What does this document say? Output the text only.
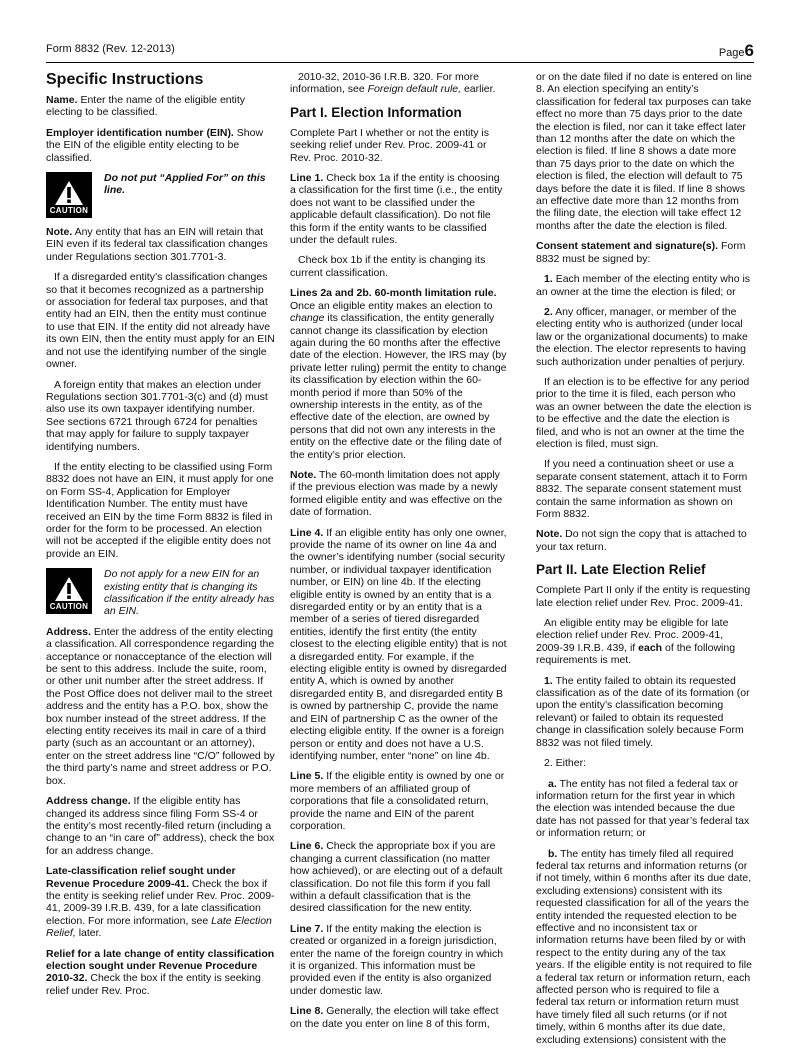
Form 8832 (Rev. 12-2013)	Page6
Specific Instructions

Name. Enter the name of the eligible entity electing to be classified.

Employer identification number (EIN). Show the EIN of the eligible entity electing to be classified.

CAUTION
Do not put “Applied For” on this line.

Note. Any entity that has an EIN will retain that EIN even if its federal tax classification changes under Regulations section 301.7701-3.

If a disregarded entity’s classification changes so that it becomes recognized as a partnership or association for federal tax purposes, and that entity had an EIN, then the entity must continue to use that EIN. If the entity did not already have its own EIN, then the entity must apply for an EIN and not use the identifying number of the single owner.

A foreign entity that makes an election under Regulations section 301.7701-3(c) and (d) must also use its own taxpayer identifying number. See sections 6721 through 6724 for penalties that may apply for failure to supply taxpayer identifying numbers.

If the entity electing to be classified using Form 8832 does not have an EIN, it must apply for one on Form SS-4, Application for Employer Identification Number. The entity must have received an EIN by the time Form 8832 is filed in order for the form to be processed. An election will not be accepted if the eligible entity does not provide an EIN.

CAUTION
Do not apply for a new EIN for an existing entity that is changing its classification if the entity already has an EIN.

Address. Enter the address of the entity electing a classification. All correspondence regarding the acceptance or nonacceptance of the election will be sent to this address. Include the suite, room, or other unit number after the street address. If the Post Office does not deliver mail to the street address and the entity has a P.O. box, show the box number instead of the street address. If the electing entity receives its mail in care of a third party (such as an accountant or an attorney), enter on the street address line “C/O” followed by the third party’s name and street address or P.O. box.

Address change. If the eligible entity has changed its address since filing Form SS-4 or the entity’s most recently-filed return (including a change to an “in care of” address), check the box for an address change.

Late-classification relief sought under Revenue Procedure 2009-41. Check the box if the entity is seeking relief under Rev. Proc. 2009-41, 2009-39 I.R.B. 439, for a late classification election. For more information, see Late Election Relief, later.

Relief for a late change of entity classification election sought under Revenue Procedure 2010-32. Check the box if the entity is seeking relief under Rev. Proc.

2010-32, 2010-36 I.R.B. 320. For more information, see Foreign default rule, earlier.

Part I. Election Information

Complete Part I whether or not the entity is seeking relief under Rev. Proc. 2009-41 or Rev. Proc. 2010-32.

Line 1. Check box 1a if the entity is choosing a classification for the first time (i.e., the entity does not want to be classified under the applicable default classification). Do not file this form if the entity wants to be classified under the default rules.

Check box 1b if the entity is changing its current classification.

Lines 2a and 2b. 60-month limitation rule. Once an eligible entity makes an election to change its classification, the entity generally cannot change its classification by election again during the 60 months after the effective date of the election. However, the IRS may (by private letter ruling) permit the entity to change its classification by election within the 60-month period if more than 50% of the ownership interests in the entity, as of the effective date of the election, are owned by persons that did not own any interests in the entity on the effective date or the filing date of the entity’s prior election.

Note. The 60-month limitation does not apply if the previous election was made by a newly formed eligible entity and was effective on the date of formation.

Line 4. If an eligible entity has only one owner, provide the name of its owner on line 4a and the owner’s identifying number (social security number, or individual taxpayer identification number, or EIN) on line 4b. If the electing eligible entity is owned by an entity that is a disregarded entity or by an entity that is a member of a series of tiered disregarded entities, identify the first entity (the entity closest to the electing eligible entity) that is not a disregarded entity. For example, if the electing eligible entity is owned by disregarded entity A, which is owned by another disregarded entity B, and disregarded entity B is owned by partnership C, provide the name and EIN of partnership C as the owner of the electing eligible entity. If the owner is a foreign person or entity and does not have a U.S. identifying number, enter “none” on line 4b.

Line 5. If the eligible entity is owned by one or more members of an affiliated group of corporations that file a consolidated return, provide the name and EIN of the parent corporation.

Line 6. Check the appropriate box if you are changing a current classification (no matter how achieved), or are electing out of a default classification. Do not file this form if you fall within a default classification that is the desired classification for the new entity.

Line 7. If the entity making the election is created or organized in a foreign jurisdiction, enter the name of the foreign country in which it is organized. This information must be provided even if the entity is also organized under domestic law.

Line 8. Generally, the election will take effect on the date you enter on line 8 of this form,

or on the date filed if no date is entered on line 8. An election specifying an entity’s classification for federal tax purposes can take effect no more than 75 days prior to the date the election is filed, nor can it take effect later than 12 months after the date on which the election is filed. If line 8 shows a date more than 75 days prior to the date on which the election is filed, the election will default to 75 days before the date it is filed. If line 8 shows an effective date more than 12 months from the filing date, the election will take effect 12 months after the date the election is filed.

Consent statement and signature(s). Form 8832 must be signed by:

1. Each member of the electing entity who is an owner at the time the election is filed; or

2. Any officer, manager, or member of the electing entity who is authorized (under local law or the organizational documents) to make the election. The elector represents to having such authorization under penalties of perjury.

If an election is to be effective for any period prior to the time it is filed, each person who was an owner between the date the election is to be effective and the date the election is filed, and who is not an owner at the time the election is filed, must sign.

If you need a continuation sheet or use a separate consent statement, attach it to Form 8832. The separate consent statement must contain the same information as shown on Form 8832.

Note. Do not sign the copy that is attached to your tax return.

Part II. Late Election Relief

Complete Part II only if the entity is requesting late election relief under Rev. Proc. 2009-41.

An eligible entity may be eligible for late election relief under Rev. Proc. 2009-41, 2009-39 I.R.B. 439, if each of the following requirements is met.

1. The entity failed to obtain its requested classification as of the date of its formation (or upon the entity’s classification becoming relevant) or failed to obtain its requested change in classification solely because Form 8832 was not filed timely.

2. Either:

a. The entity has not filed a federal tax or information return for the first year in which the election was intended because the due date has not passed for that year’s federal tax or information return; or

b. The entity has timely filed all required federal tax returns and information returns (or if not timely, within 6 months after its due date, excluding extensions) consistent with its requested classification for all of the years the entity intended the requested election to be effective and no inconsistent tax or information returns have been filed by or with respect to the entity during any of the tax years. If the eligible entity is not required to file a federal tax return or information return, each affected person who is required to file a federal tax return or information return must have timely filed all such returns (or if not timely, within 6 months after its due date, excluding extensions) consistent with the
